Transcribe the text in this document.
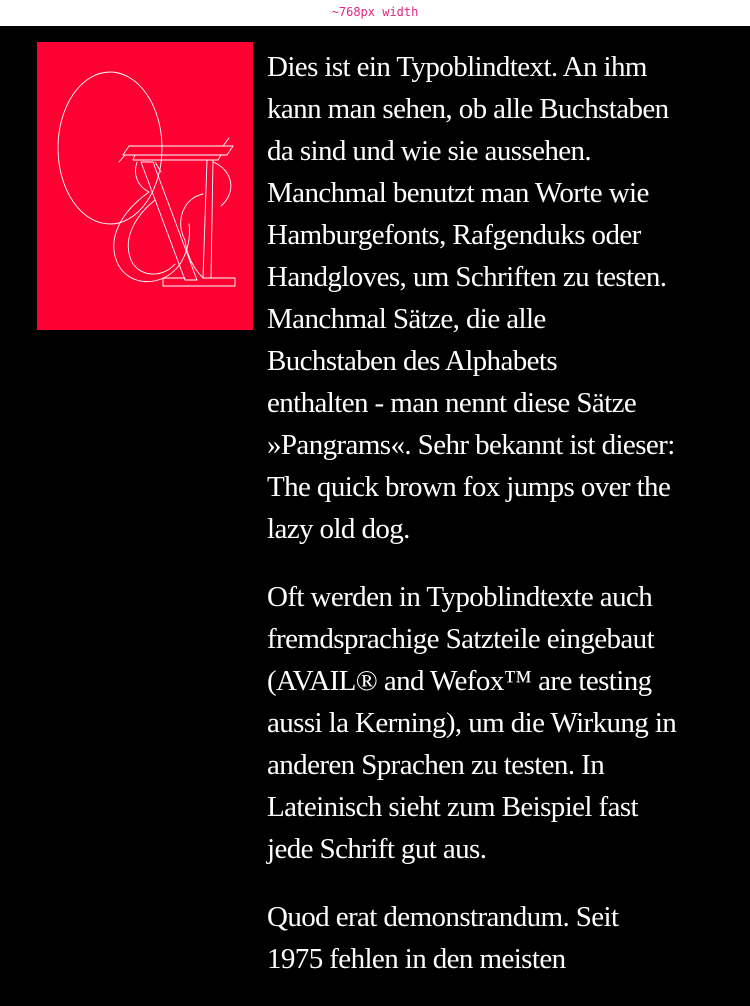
~768px width

Dies ist ein Typoblindtext. An ihm
kann man sehen, ob alle Buchstaben
da sind und wie sie aussehen.
Manchmal benutzt man Worte wie
Hamburgefonts, Rafgenduks oder
Handgloves, um Schriften zu testen.
Manchmal Sätze, die alle
Buchstaben des Alphabets
enthalten - man nennt diese Sätze
»Pangrams«. Sehr bekannt ist dieser:
The quick brown fox jumps over the
lazy old dog.

Oft werden in Typoblindtexte auch
fremdsprachige Satzteile eingebaut
(AVAIL® and Wefox™ are testing
aussi la Kerning), um die Wirkung in
anderen Sprachen zu testen. In
Lateinisch sieht zum Beispiel fast
jede Schrift gut aus.

Quod erat demonstrandum. Seit
1975 fehlen in den meisten
